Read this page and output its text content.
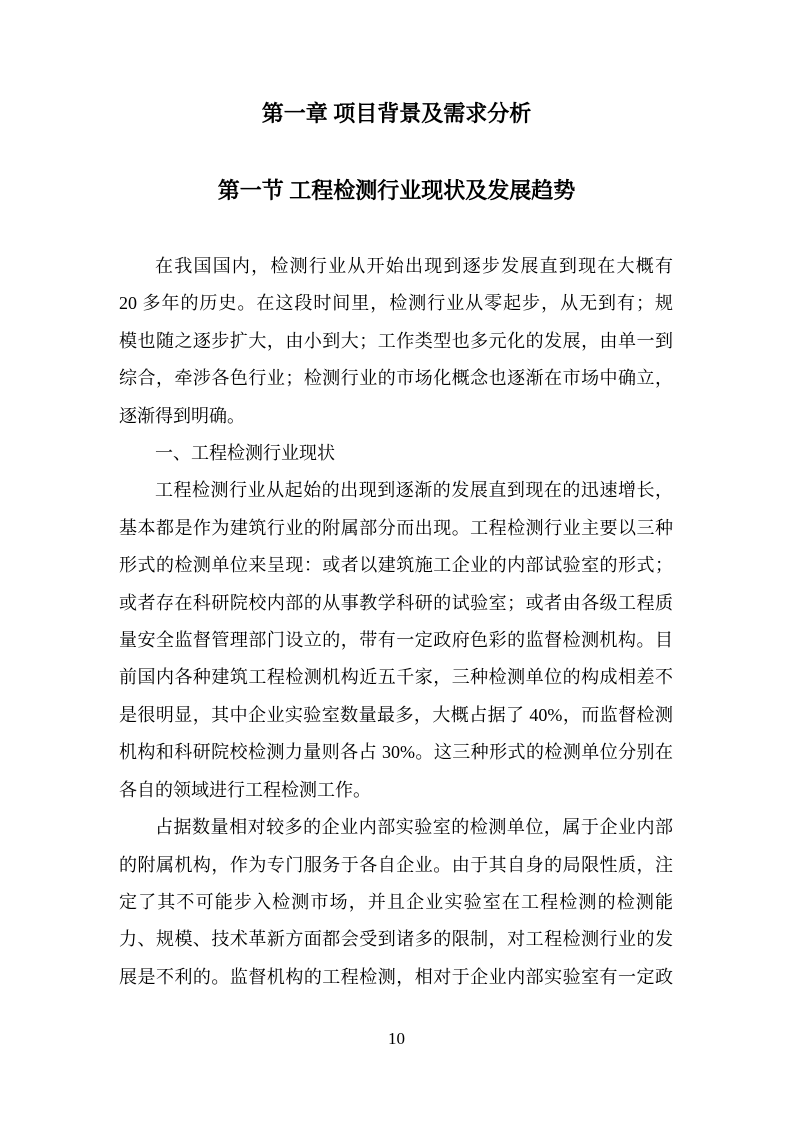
第一章 项目背景及需求分析
第一节 工程检测行业现状及发展趋势
在我国国内，检测行业从开始出现到逐步发展直到现在大概有
20 多年的历史。在这段时间里，检测行业从零起步，从无到有；规
模也随之逐步扩大，由小到大；工作类型也多元化的发展，由单一到
综合，牵涉各色行业；检测行业的市场化概念也逐渐在市场中确立，
逐渐得到明确。
一、工程检测行业现状
工程检测行业从起始的出现到逐渐的发展直到现在的迅速增长，
基本都是作为建筑行业的附属部分而出现。工程检测行业主要以三种
形式的检测单位来呈现：或者以建筑施工企业的内部试验室的形式；
或者存在科研院校内部的从事教学科研的试验室；或者由各级工程质
量安全监督管理部门设立的，带有一定政府色彩的监督检测机构。目
前国内各种建筑工程检测机构近五千家，三种检测单位的构成相差不
是很明显，其中企业实验室数量最多，大概占据了 40%，而监督检测
机构和科研院校检测力量则各占 30%。这三种形式的检测单位分别在
各自的领域进行工程检测工作。
占据数量相对较多的企业内部实验室的检测单位，属于企业内部
的附属机构，作为专门服务于各自企业。由于其自身的局限性质，注
定了其不可能步入检测市场，并且企业实验室在工程检测的检测能
力、规模、技术革新方面都会受到诸多的限制，对工程检测行业的发
展是不利的。监督机构的工程检测，相对于企业内部实验室有一定政
10
